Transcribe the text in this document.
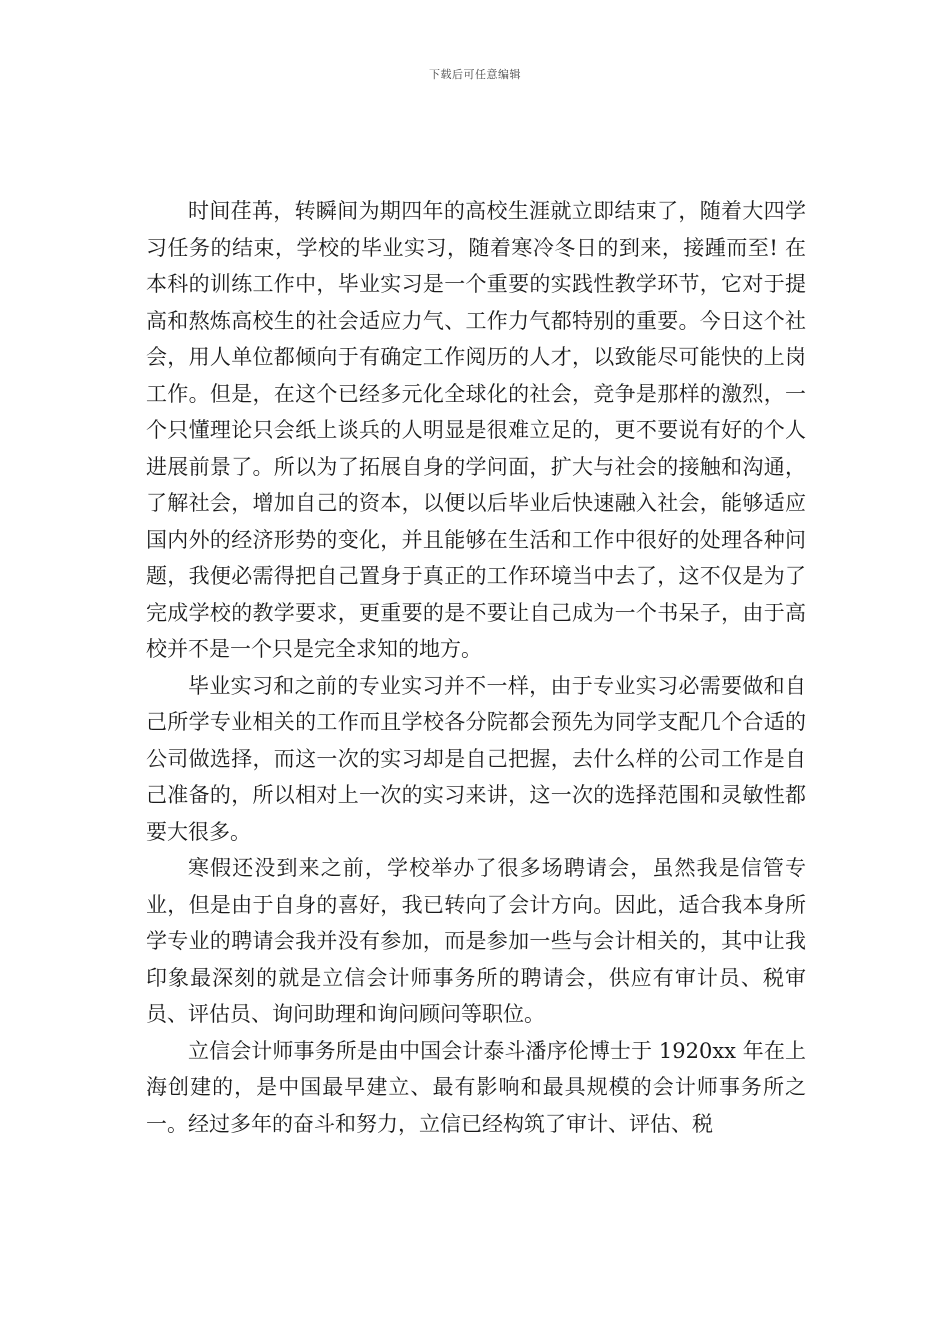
下载后可任意编辑

时间荏苒，转瞬间为期四年的高校生涯就立即结束了，随着大四学习任务的结束，学校的毕业实习，随着寒冷冬日的到来，接踵而至! 在本科的训练工作中，毕业实习是一个重要的实践性教学环节，它对于提高和熬炼高校生的社会适应力气、工作力气都特别的重要。今日这个社会，用人单位都倾向于有确定工作阅历的人才，以致能尽可能快的上岗工作。但是，在这个已经多元化全球化的社会，竞争是那样的激烈，一个只懂理论只会纸上谈兵的人明显是很难立足的，更不要说有好的个人进展前景了。所以为了拓展自身的学问面，扩大与社会的接触和沟通，了解社会，增加自己的资本，以便以后毕业后快速融入社会，能够适应国内外的经济形势的变化，并且能够在生活和工作中很好的处理各种问题，我便必需得把自己置身于真正的工作环境当中去了，这不仅是为了完成学校的教学要求，更重要的是不要让自己成为一个书呆子，由于高校并不是一个只是完全求知的地方。

毕业实习和之前的专业实习并不一样，由于专业实习必需要做和自己所学专业相关的工作而且学校各分院都会预先为同学支配几个合适的公司做选择，而这一次的实习却是自己把握，去什么样的公司工作是自己准备的，所以相对上一次的实习来讲，这一次的选择范围和灵敏性都要大很多。

寒假还没到来之前，学校举办了很多场聘请会，虽然我是信管专业，但是由于自身的喜好，我已转向了会计方向。因此，适合我本身所学专业的聘请会我并没有参加，而是参加一些与会计相关的，其中让我印象最深刻的就是立信会计师事务所的聘请会，供应有审计员、税审员、评估员、询问助理和询问顾问等职位。

立信会计师事务所是由中国会计泰斗潘序伦博士于 1920xx 年在上海创建的，是中国最早建立、最有影响和最具规模的会计师事务所之一。经过多年的奋斗和努力，立信已经构筑了审计、评估、税
